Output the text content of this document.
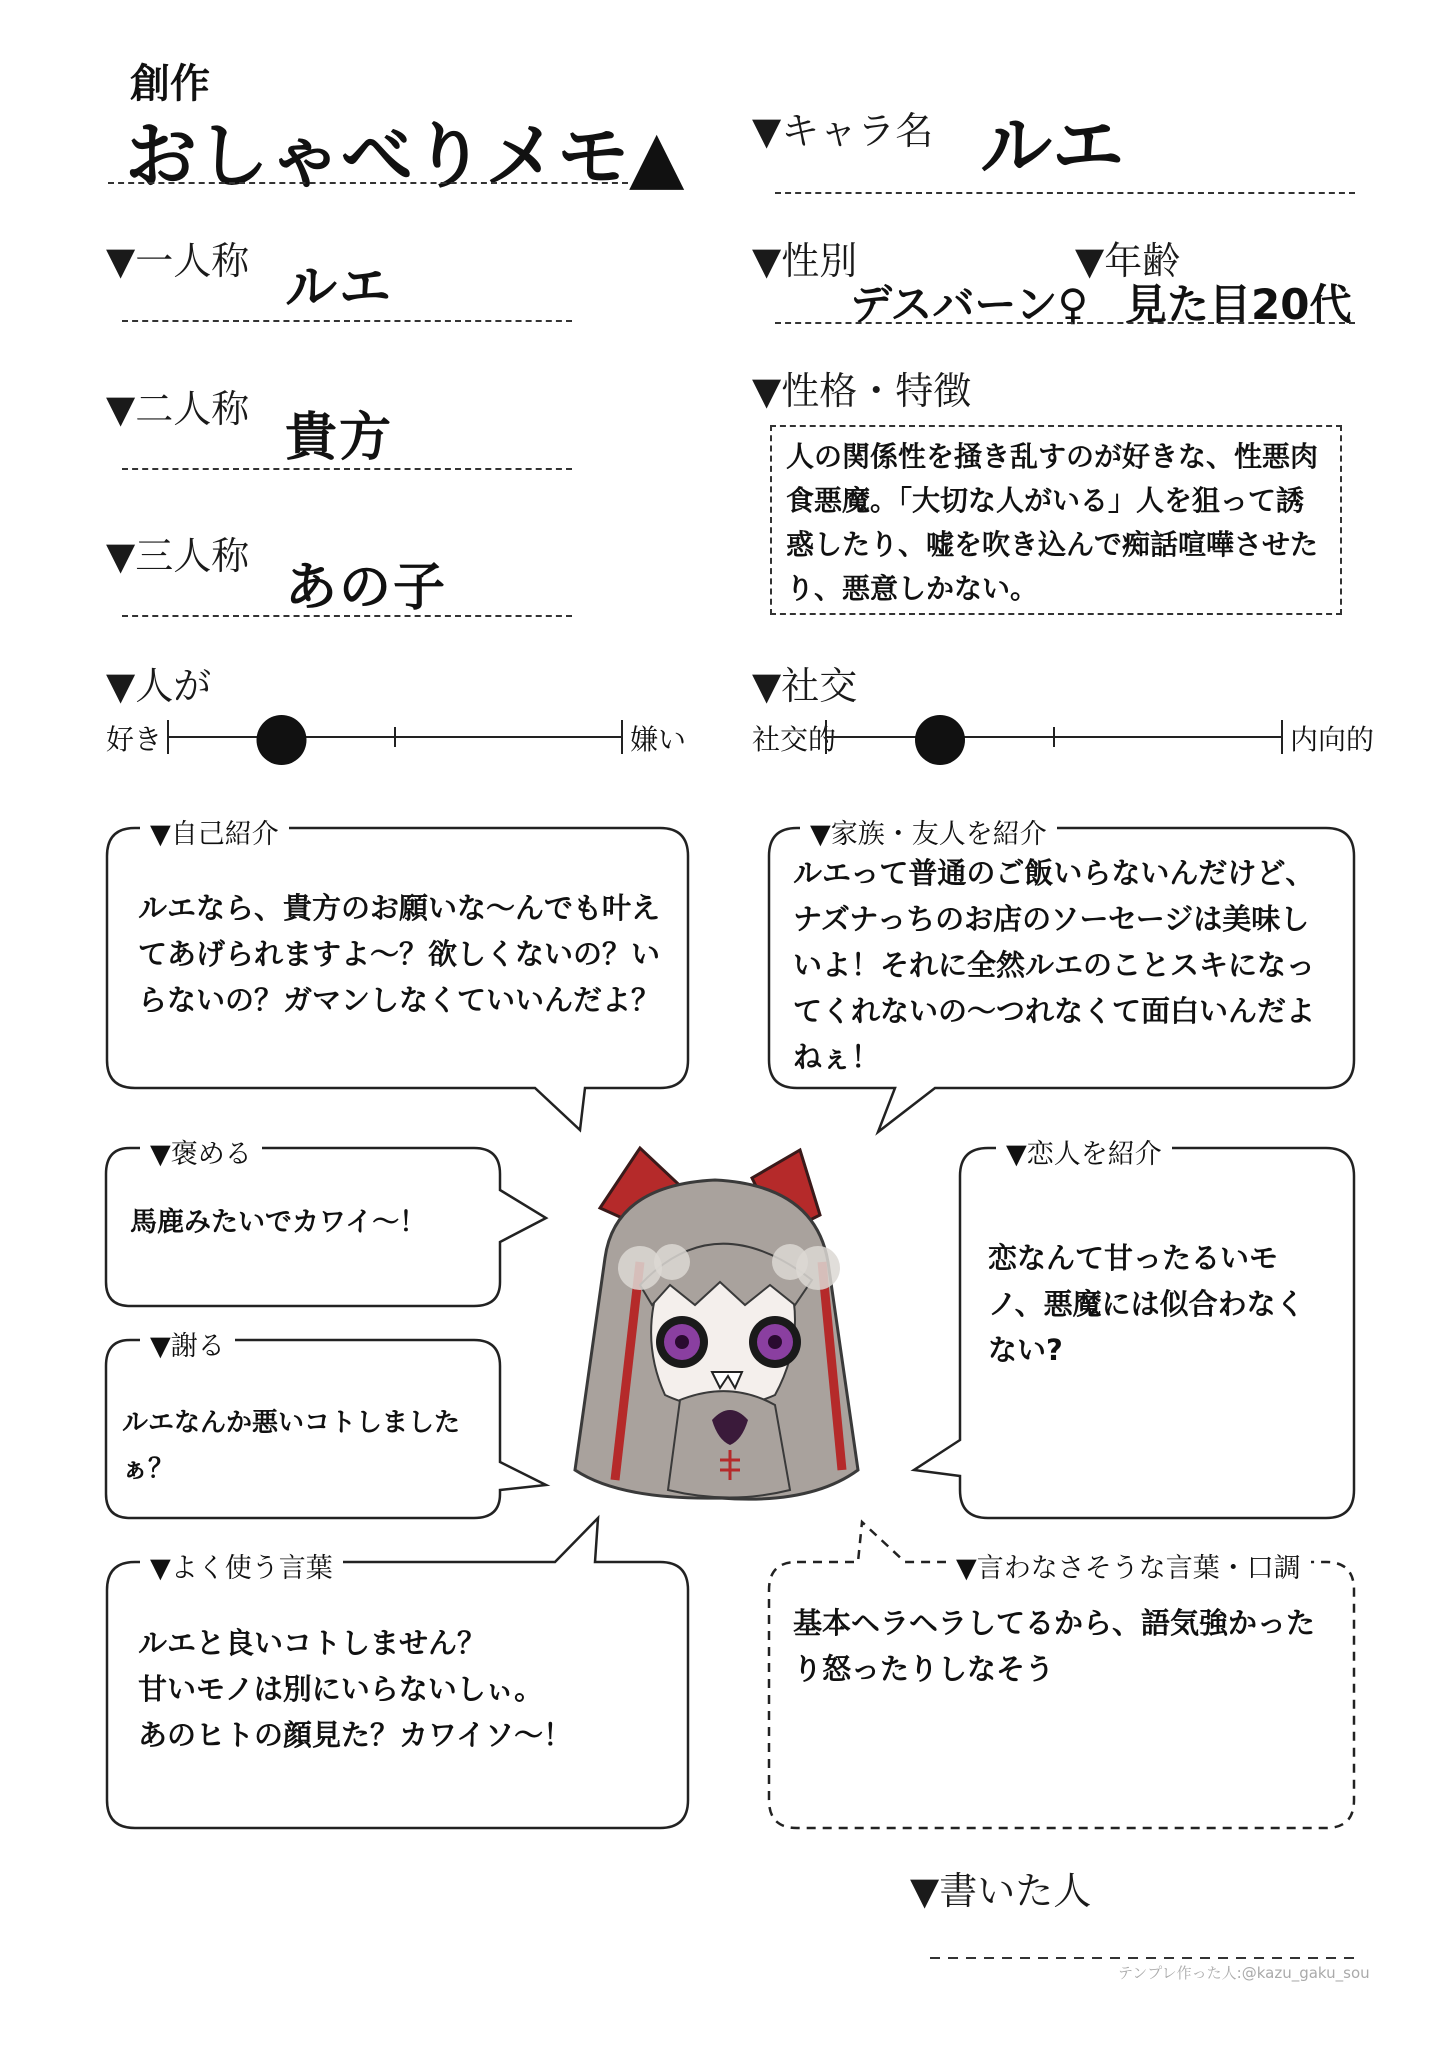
創作
おしゃべりメモ▲ ▼キャラ名 ルエ
▼一人称 ルエ
▼二人称 貴方
▼三人称
あの子
▼性別	▼年齢
デスバーン♀ 見た目20代
▼性格・特徴
人の関係性を掻き乱すのが好きな、性悪肉食悪魔。「大切な人がいる」人を狙って誘惑したり、嘘を吹き込んで痴話喧嘩させたり、悪意しかない。
▼人が
好き	嫌い
▼社交
社交的	内向的
▼自己紹介
ルエなら、貴方のお願いな〜んでも叶えてあげられますよ〜？欲しくないの？いらないの？ガマンしなくていいんだよ？
▼家族・友人を紹介
ルエって普通のご飯いらないんだけど、ナズナっちのお店のソーセージは美味しいよ！それに全然ルエのことスキになってくれないの〜つれなくて面白いんだよねぇ！
▼褒める
馬鹿みたいでカワイ〜！
▼謝る
ルエなんか悪いコトしましたぁ？
▼恋人を紹介
恋なんて甘ったるいモノ、悪魔には似合わなくない?
▼よく使う言葉
ルエと良いコトしません？
甘いモノは別にいらないしぃ。
あのヒトの顔見た？カワイソ〜！
▼言わなさそうな言葉・口調
基本ヘラヘラしてるから、語気強かったり怒ったりしなそう
▼書いた人
テンプレ作った人:@kazu_gaku_sou
